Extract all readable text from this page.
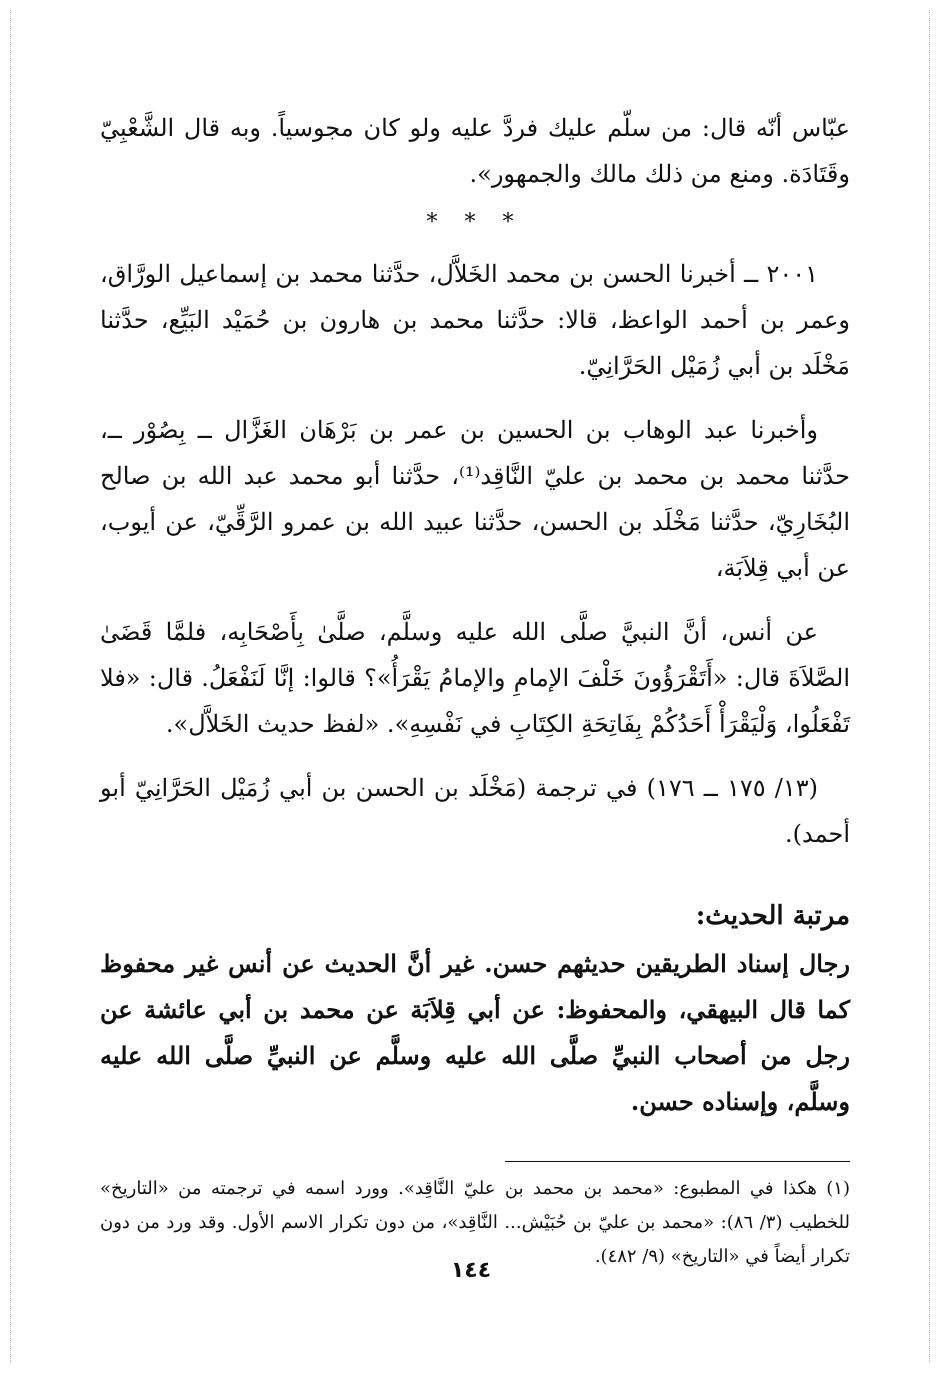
عبّاس أنّه قال: من سلّم عليك فردَّ عليه ولو كان مجوسياً. وبه قال الشَّعْبِيّ وقَتَادَة. ومنع من ذلك مالك والجمهور».

* * *

٢٠٠١ ــ أخبرنا الحسن بن محمد الخَلاَّل، حدَّثنا محمد بن إسماعيل الورَّاق، وعمر بن أحمد الواعظ، قالا: حدَّثنا محمد بن هارون بن حُمَيْد البَيِّع، حدَّثنا مَخْلَد بن أبي زُمَيْل الحَرَّانِيّ.

وأخبرنا عبد الوهاب بن الحسين بن عمر بن بَرْهَان الغَزَّال ــ بِصُوْر ــ، حدَّثنا محمد بن محمد بن عليّ النَّاقِد⁽¹⁾، حدَّثنا أبو محمد عبد الله بن صالح البُخَارِيّ، حدَّثنا مَخْلَد بن الحسن، حدَّثنا عبيد الله بن عمرو الرَّقِّيّ، عن أيوب، عن أبي قِلاَبَة،

عن أنس، أنَّ النبيَّ صلَّى الله عليه وسلَّم، صلَّىٰ بِأَصْحَابِه، فلمَّا قَضَىٰ الصَّلاَةَ قال: «أَتَقْرَؤُونَ خَلْفَ الإمامِ والإمامُ يَقْرَأُ»؟ قالوا: إنَّا لَنَفْعَلُ. قال: «فلا تَفْعَلُوا، وَلْيَقْرَأْ أَحَدُكُمْ بِفَاتِحَةِ الكِتَابِ في نَفْسِهِ». «لفظ حديث الخَلاَّل».

(١٣/ ١٧٥ ــ ١٧٦) في ترجمة (مَخْلَد بن الحسن بن أبي زُمَيْل الحَرَّانِيّ أبو أحمد).

مرتبة الحديث:

رجال إسناد الطريقين حديثهم حسن. غير أنَّ الحديث عن أنس غير محفوظ كما قال البيهقي، والمحفوظ: عن أبي قِلاَبَة عن محمد بن أبي عائشة عن رجل من أصحاب النبيِّ صلَّى الله عليه وسلَّم عن النبيِّ صلَّى الله عليه وسلَّم، وإسناده حسن.

(١) هكذا في المطبوع: «محمد بن محمد بن عليّ النَّاقِد». وورد اسمه في ترجمته من «التاريخ» للخطيب (٣/ ٨٦): «محمد بن عليّ بن حُبَيْش... النَّاقِد»، من دون تكرار الاسم الأول. وقد ورد من دون تكرار أيضاً في «التاريخ» (٩/ ٤٨٢).

١٤٤
